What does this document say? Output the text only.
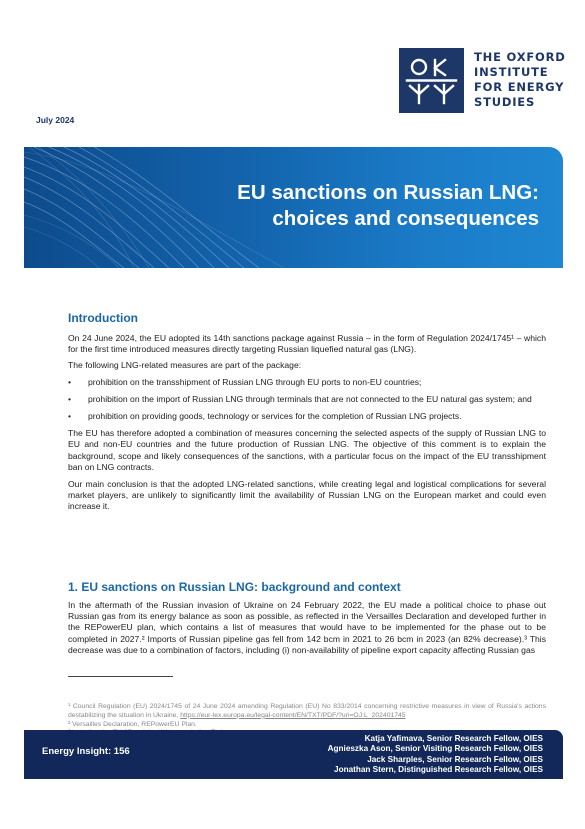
THE OXFORD
INSTITUTE
FOR ENERGY
STUDIES
July 2024
EU sanctions on Russian LNG:
choices and consequences
Introduction

On 24 June 2024, the EU adopted its 14th sanctions package against Russia – in the form of Regulation 2024/1745¹ – which for the first time introduced measures directly targeting Russian liquefied natural gas (LNG).

The following LNG-related measures are part of the package:

• prohibition on the transshipment of Russian LNG through EU ports to non-EU countries;
• prohibition on the import of Russian LNG through terminals that are not connected to the EU natural gas system; and
• prohibition on providing goods, technology or services for the completion of Russian LNG projects.

The EU has therefore adopted a combination of measures concerning the selected aspects of the supply of Russian LNG to EU and non-EU countries and the future production of Russian LNG. The objective of this comment is to explain the background, scope and likely consequences of the sanctions, with a particular focus on the impact of the EU transshipment ban on LNG contracts.

Our main conclusion is that the adopted LNG-related sanctions, while creating legal and logistical complications for several market players, are unlikely to significantly limit the availability of Russian LNG on the European market and could even increase it.

1. EU sanctions on Russian LNG: background and context

In the aftermath of the Russian invasion of Ukraine on 24 February 2022, the EU made a political choice to phase out Russian gas from its energy balance as soon as possible, as reflected in the Versailles Declaration and developed further in the REPowerEU plan, which contains a list of measures that would have to be implemented for the phase out to be completed in 2027.² Imports of Russian pipeline gas fell from 142 bcm in 2021 to 26 bcm in 2023 (an 82% decrease).³ This decrease was due to a combination of factors, including (i) non-availability of pipeline export capacity affecting Russian gas

¹ Council Regulation (EU) 2024/1745 of 24 June 2024 amending Regulation (EU) No 833/2014 concerning restrictive measures in view of Russia's actions destabilizing the situation in Ukraine, https://eur-lex.europa.eu/legal-content/EN/TXT/PDF/?uri=OJ:L_202401745
² Versailles Declaration, REPowerEU Plan.
Energy Insight: 156
Katja Yafimava, Senior Research Fellow, OIES
Agnieszka Ason, Senior Visiting Research Fellow, OIES
Jack Sharples, Senior Research Fellow, OIES
Jonathan Stern, Distinguished Research Fellow, OIES
